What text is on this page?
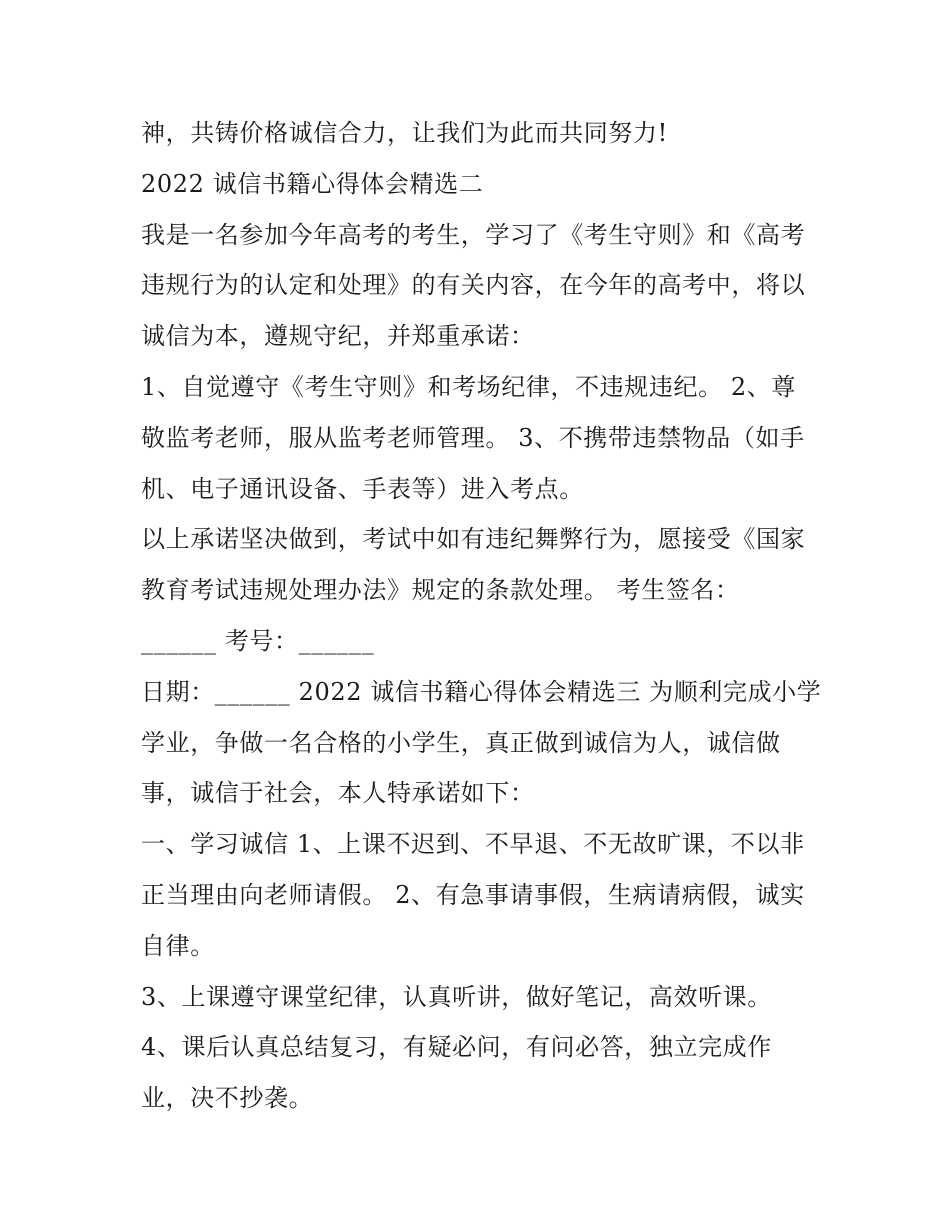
神，共铸价格诚信合力，让我们为此而共同努力!
2022 诚信书籍心得体会精选二
我是一名参加今年高考的考生，学习了《考生守则》和《高考
违规行为的认定和处理》的有关内容，在今年的高考中，将以
诚信为本，遵规守纪，并郑重承诺：
1、自觉遵守《考生守则》和考场纪律，不违规违纪。 2、尊
敬监考老师，服从监考老师管理。 3、不携带违禁物品（如手
机、电子通讯设备、手表等）进入考点。
以上承诺坚决做到，考试中如有违纪舞弊行为，愿接受《国家
教育考试违规处理办法》规定的条款处理。 考生签名：
______ 考号：______
日期：______ 2022 诚信书籍心得体会精选三 为顺利完成小学
学业，争做一名合格的小学生，真正做到诚信为人，诚信做
事，诚信于社会，本人特承诺如下：
一、学习诚信 1、上课不迟到、不早退、不无故旷课，不以非
正当理由向老师请假。 2、有急事请事假，生病请病假，诚实
自律。
3、上课遵守课堂纪律，认真听讲，做好笔记，高效听课。
4、课后认真总结复习，有疑必问，有问必答，独立完成作
业，决不抄袭。
